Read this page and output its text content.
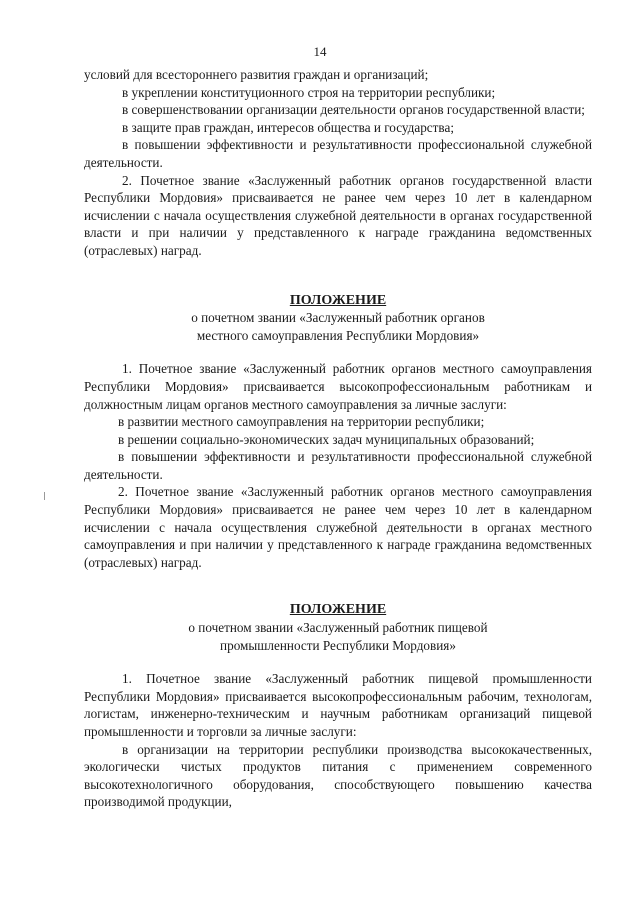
14

условий для всестороннего развития граждан и организаций;

в укреплении конституционного строя на территории республики;

в совершенствовании организации деятельности органов государственной власти;

в защите прав граждан, интересов общества и государства;

в повышении эффективности и результативности профессиональной служебной деятельности.

2. Почетное звание «Заслуженный работник органов государственной власти Республики Мордовия» присваивается не ранее чем через 10 лет в календарном исчислении с начала осуществления служебной деятельности в органах государственной власти и при наличии у представленного к награде гражданина ведомственных (отраслевых) наград.

ПОЛОЖЕНИЕ

о почетном звании «Заслуженный работник органов

местного самоуправления Республики Мордовия»

1. Почетное звание «Заслуженный работник органов местного самоуправления Республики Мордовия» присваивается высокопрофессиональным работникам и должностным лицам органов местного самоуправления за личные заслуги:

в развитии местного самоуправления на территории республики;

в решении социально-экономических задач муниципальных образований;

в повышении эффективности и результативности профессиональной служебной деятельности.

2. Почетное звание «Заслуженный работник органов местного самоуправления Республики Мордовия» присваивается не ранее чем через 10 лет в календарном исчислении с начала осуществления служебной деятельности в органах местного самоуправления и при наличии у представленного к награде гражданина ведомственных (отраслевых) наград.

ПОЛОЖЕНИЕ

о почетном звании «Заслуженный работник пищевой

промышленности Республики Мордовия»

1. Почетное звание «Заслуженный работник пищевой промышленности Республики Мордовия» присваивается высокопрофессиональным рабочим, технологам, логистам, инженерно-техническим и научным работникам организаций пищевой промышленности и торговли за личные заслуги:

в организации на территории республики производства высококачественных, экологически чистых продуктов питания с применением современного высокотехнологичного оборудования, способствующего повышению качества производимой продукции,
